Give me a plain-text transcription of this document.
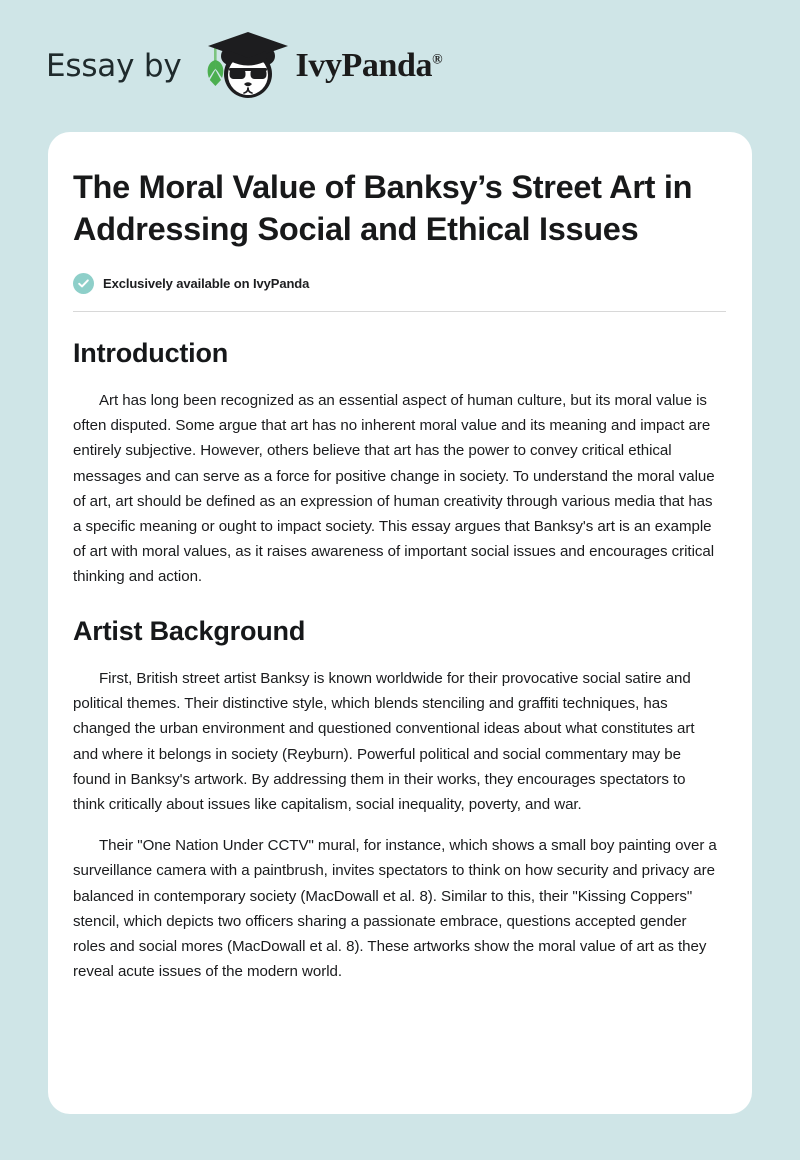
Essay by	IvyPanda®
The Moral Value of Banksy’s Street Art in Addressing Social and Ethical Issues
Exclusively available on IvyPanda
Introduction

Art has long been recognized as an essential aspect of human culture, but its moral value is often disputed. Some argue that art has no inherent moral value and its meaning and impact are entirely subjective. However, others believe that art has the power to convey critical ethical messages and can serve as a force for positive change in society. To understand the moral value of art, art should be defined as an expression of human creativity through various media that has a specific meaning or ought to impact society. This essay argues that Banksy's art is an example of art with moral values, as it raises awareness of important social issues and encourages critical thinking and action.

Artist Background

First, British street artist Banksy is known worldwide for their provocative social satire and political themes. Their distinctive style, which blends stenciling and graffiti techniques, has changed the urban environment and questioned conventional ideas about what constitutes art and where it belongs in society (Reyburn). Powerful political and social commentary may be found in Banksy's artwork. By addressing them in their works, they encourages spectators to think critically about issues like capitalism, social inequality, poverty, and war.

Their "One Nation Under CCTV" mural, for instance, which shows a small boy painting over a surveillance camera with a paintbrush, invites spectators to think on how security and privacy are balanced in contemporary society (MacDowall et al. 8). Similar to this, their "Kissing Coppers" stencil, which depicts two officers sharing a passionate embrace, questions accepted gender roles and social mores (MacDowall et al. 8). These artworks show the moral value of art as they reveal acute issues of the modern world.
